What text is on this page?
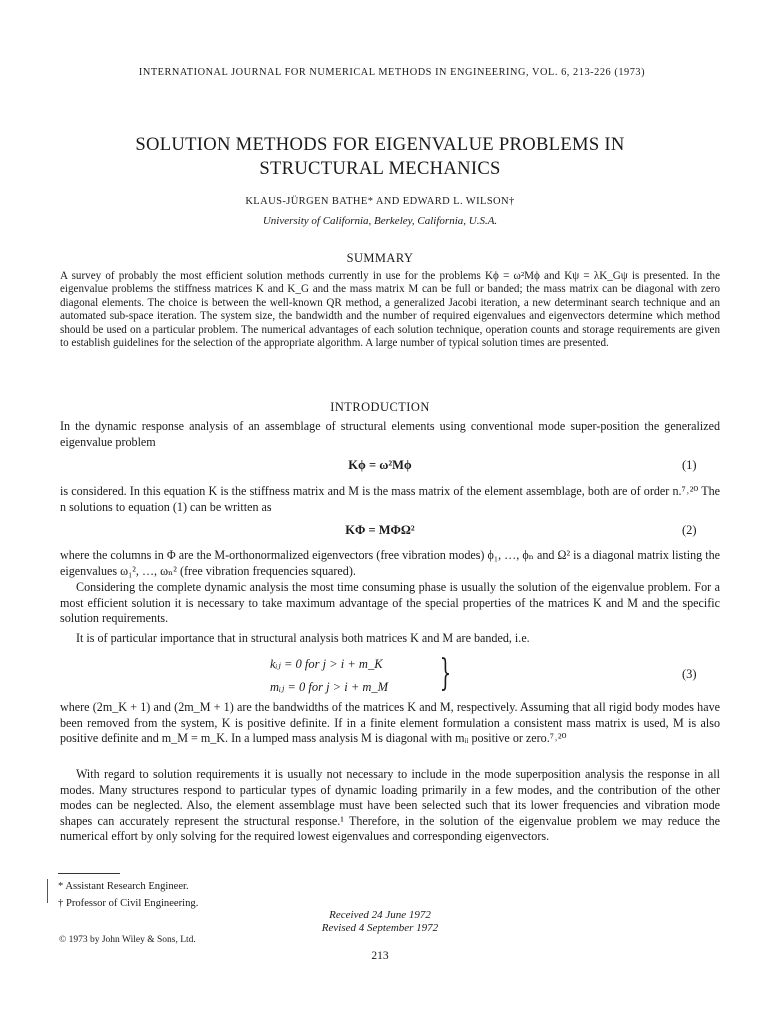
INTERNATIONAL JOURNAL FOR NUMERICAL METHODS IN ENGINEERING, VOL. 6, 213-226 (1973)
SOLUTION METHODS FOR EIGENVALUE PROBLEMS IN
STRUCTURAL MECHANICS
KLAUS-JÜRGEN BATHE* AND EDWARD L. WILSON†
University of California, Berkeley, California, U.S.A.
SUMMARY
A survey of probably the most efficient solution methods currently in use for the problems Kϕ = ω²Mϕ and Kψ = λK_Gψ is presented. In the eigenvalue problems the stiffness matrices K and K_G and the mass matrix M can be full or banded; the mass matrix can be diagonal with zero diagonal elements. The choice is between the well-known QR method, a generalized Jacobi iteration, a new determinant search technique and an automated sub-space iteration. The system size, the bandwidth and the number of required eigenvalues and eigenvectors determine which method should be used on a particular problem. The numerical advantages of each solution technique, operation counts and storage requirements are given to establish guidelines for the selection of the appropriate algorithm. A large number of typical solution times are presented.
INTRODUCTION
In the dynamic response analysis of an assemblage of structural elements using conventional mode super-position the generalized eigenvalue problem
Kϕ = ω²Mϕ	(1)
is considered. In this equation K is the stiffness matrix and M is the mass matrix of the element assemblage, both are of order n.⁷˒²⁰ The n solutions to equation (1) can be written as
KΦ = MΦΩ²	(2)
where the columns in Φ are the M-orthonormalized eigenvectors (free vibration modes) ϕ₁, …, ϕₙ and Ω² is a diagonal matrix listing the eigenvalues ω₁², …, ωₙ² (free vibration frequencies squared).
Considering the complete dynamic analysis the most time consuming phase is usually the solution of the eigenvalue problem. For a most efficient solution it is necessary to take maximum advantage of the special properties of the matrices K and M and the specific solution requirements.
It is of particular importance that in structural analysis both matrices K and M are banded, i.e.
kᵢⱼ = 0 for j > i + m_K
mᵢⱼ = 0 for j > i + m_M }	(3)
where (2m_K + 1) and (2m_M + 1) are the bandwidths of the matrices K and M, respectively. Assuming that all rigid body modes have been removed from the system, K is positive definite. If in a finite element formulation a consistent mass matrix is used, M is also positive definite and m_M = m_K. In a lumped mass analysis M is diagonal with mᵢᵢ positive or zero.⁷˒²⁰
With regard to solution requirements it is usually not necessary to include in the mode superposition analysis the response in all modes. Many structures respond to particular types of dynamic loading primarily in a few modes, and the contribution of the other modes can be neglected. Also, the element assemblage must have been selected such that its lower frequencies and vibration mode shapes can accurately represent the structural response.¹ Therefore, in the solution of the eigenvalue problem we may reduce the numerical effort by only solving for the required lowest eigenvalues and corresponding eigenvectors.
* Assistant Research Engineer.
† Professor of Civil Engineering.
Received 24 June 1972
Revised 4 September 1972
© 1973 by John Wiley & Sons, Ltd.
213
